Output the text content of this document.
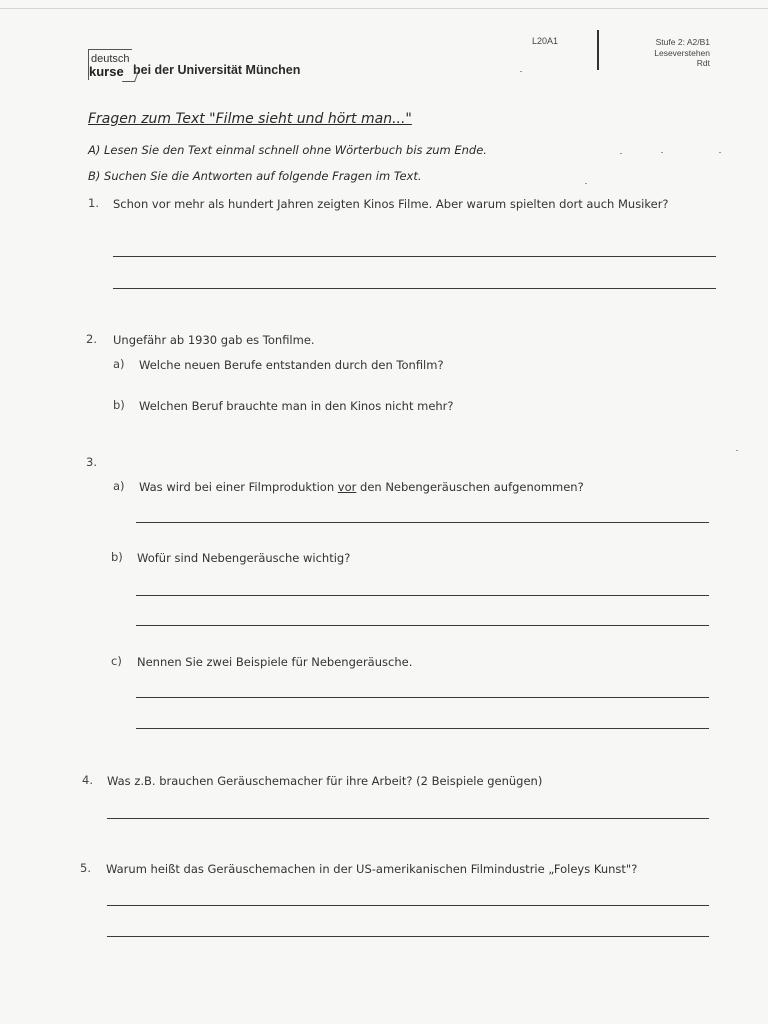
deutsch
kurse bei der Universität München
L20A1	Stufe 2: A2/B1
Leseverstehen
Rdt
Fragen zum Text "Filme sieht und hört man..."
A) Lesen Sie den Text einmal schnell ohne Wörterbuch bis zum Ende.
B) Suchen Sie die Antworten auf folgende Fragen im Text.
1. Schon vor mehr als hundert Jahren zeigten Kinos Filme. Aber warum spielten dort auch Musiker?
2. Ungefähr ab 1930 gab es Tonfilme.
a) Welche neuen Berufe entstanden durch den Tonfilm?
b) Welchen Beruf brauchte man in den Kinos nicht mehr?
3.
a) Was wird bei einer Filmproduktion vor den Nebengeräuschen aufgenommen?
b) Wofür sind Nebengeräusche wichtig?
c) Nennen Sie zwei Beispiele für Nebengeräusche.
4. Was z.B. brauchen Geräuschemacher für ihre Arbeit? (2 Beispiele genügen)
5. Warum heißt das Geräuschemachen in der US-amerikanischen Filmindustrie „Foleys Kunst"?
